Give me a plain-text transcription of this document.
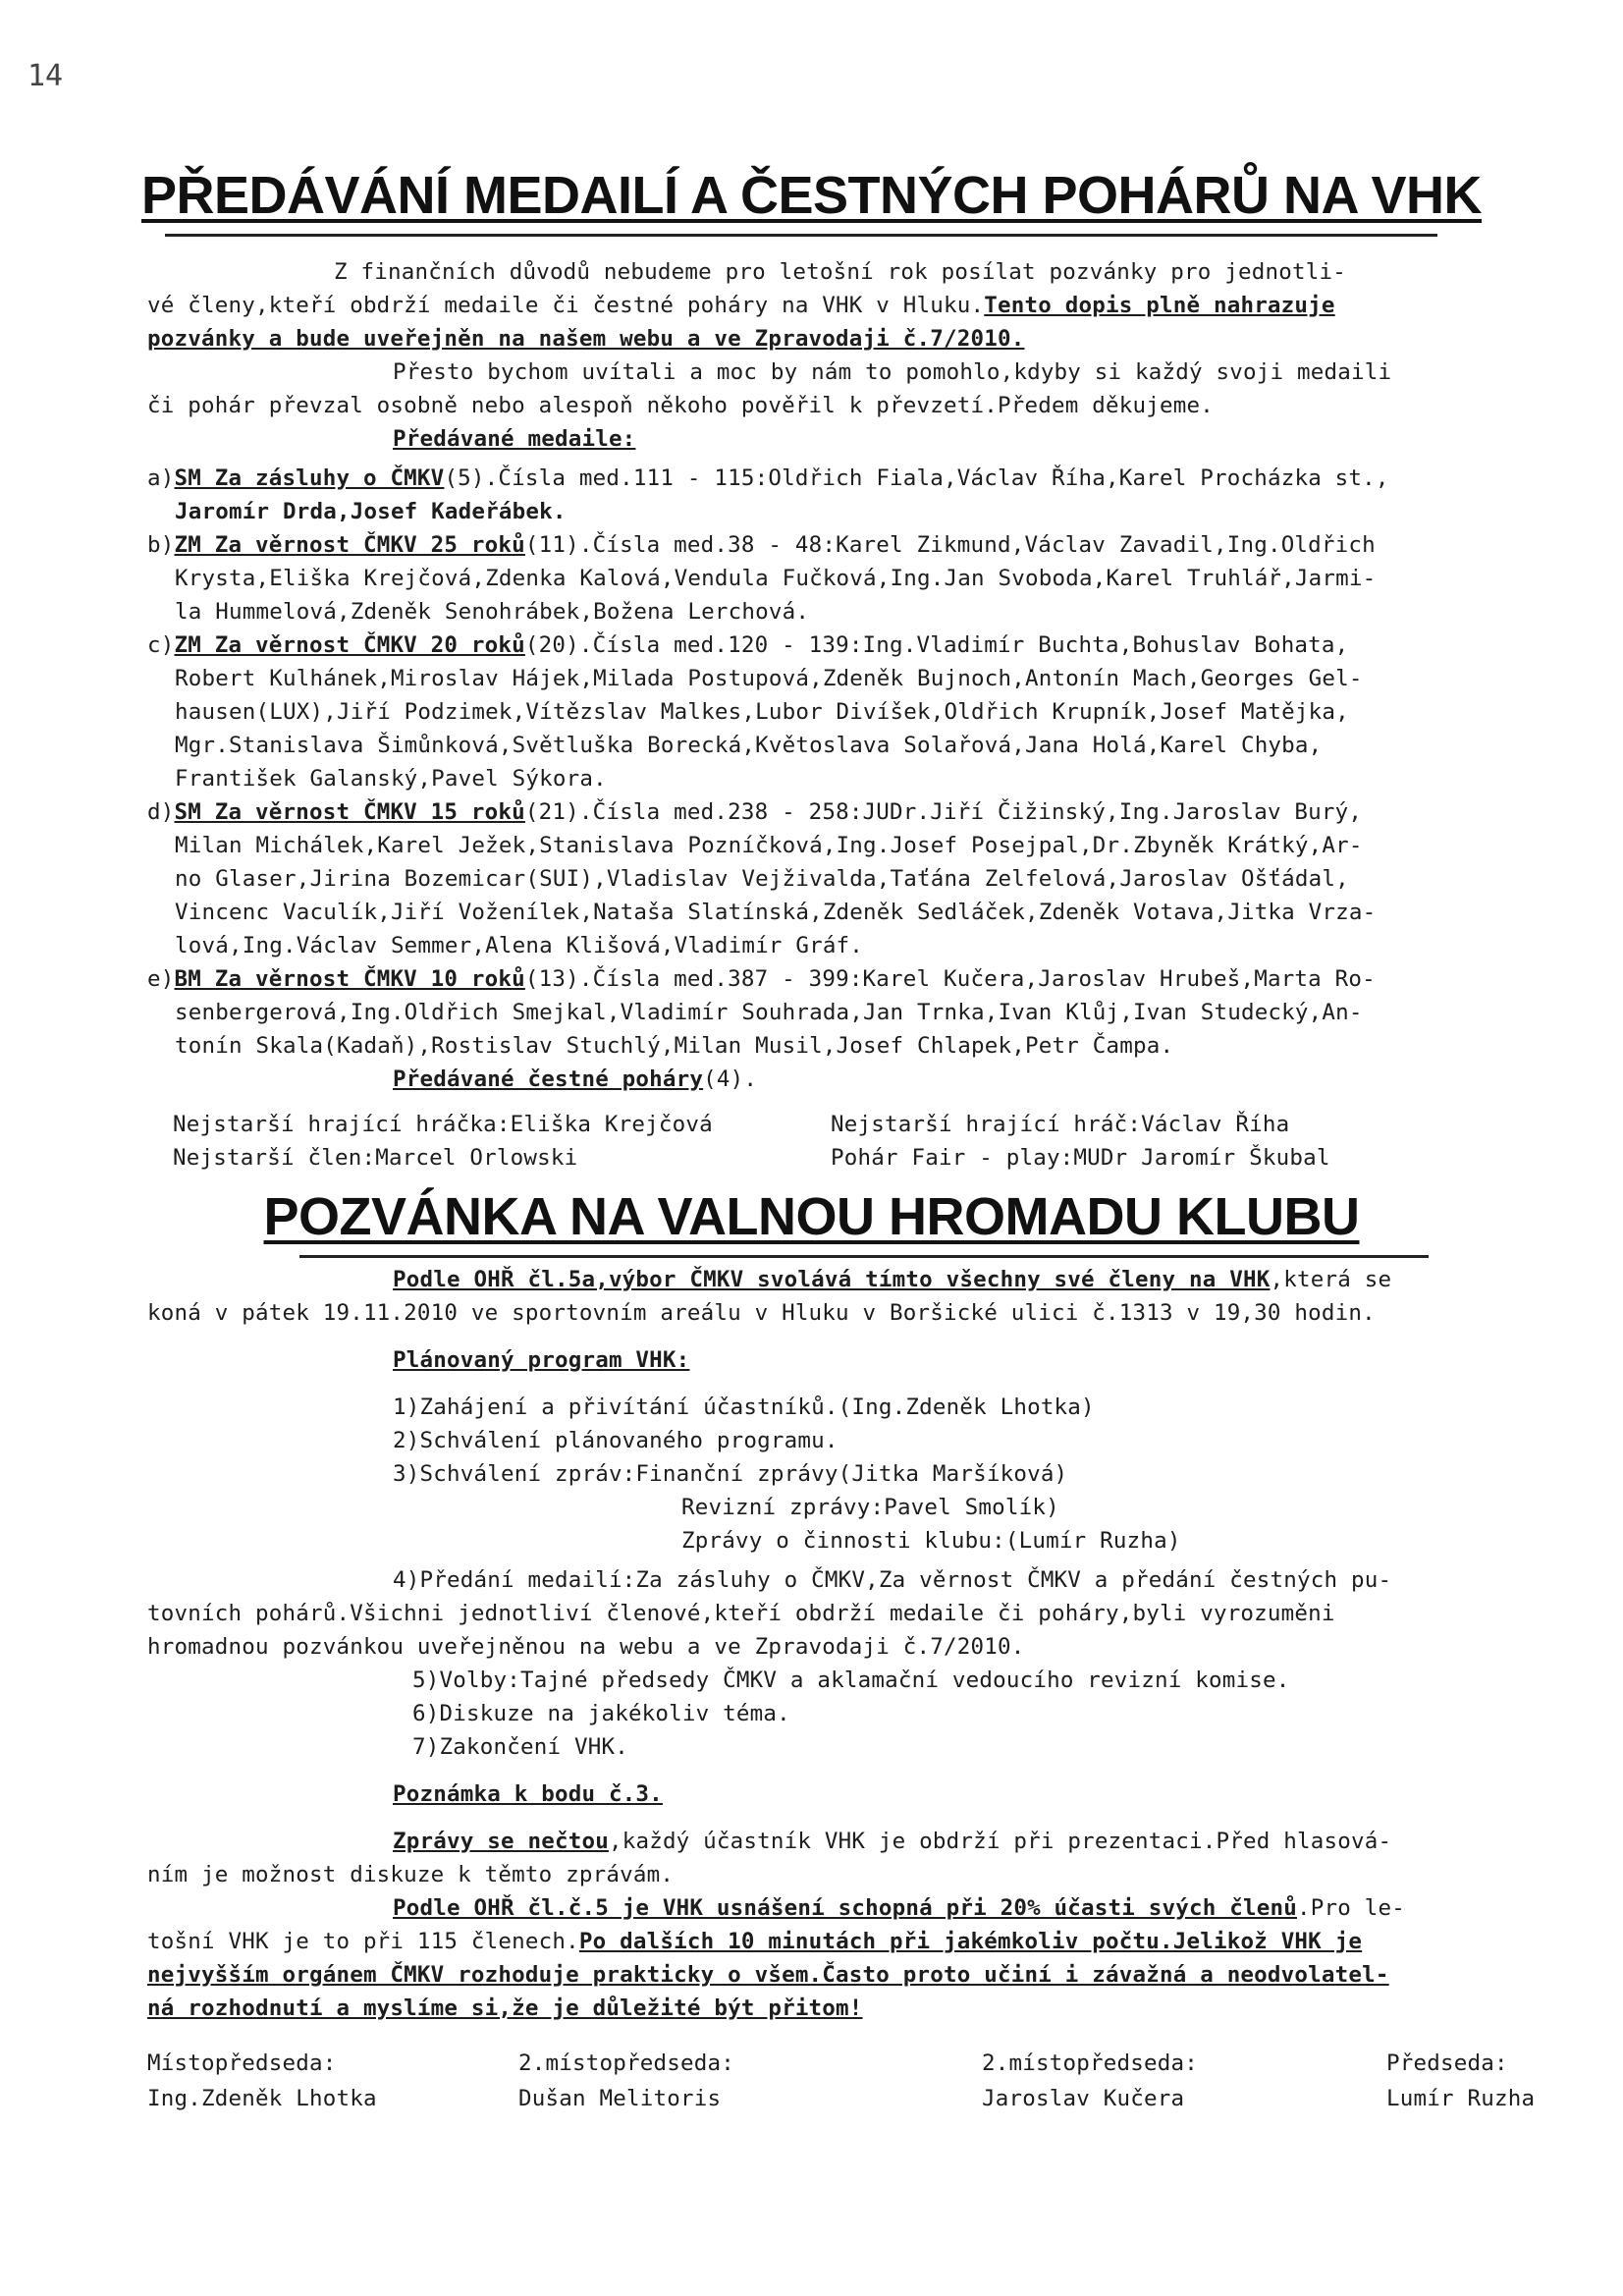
14
PŘEDÁVÁNÍ MEDAILÍ A ČESTNÝCH POHÁRŮ NA VHK
Z finančních důvodů nebudeme pro letošní rok posílat pozvánky pro jednotli-
vé členy,kteří obdrží medaile či čestné poháry na VHK v Hluku.Tento dopis plně nahrazuje
pozvánky a bude uveřejněn na našem webu a ve Zpravodaji č.7/2010.
Přesto bychom uvítali a moc by nám to pomohlo,kdyby si každý svoji medaili
či pohár převzal osobně nebo alespoň někoho pověřil k převzetí.Předem děkujeme.
Předávané medaile:
a)SM Za zásluhy o ČMKV(5).Čísla med.111 - 115:Oldřich Fiala,Václav Říha,Karel Procházka st.,
Jaromír Drda,Josef Kadeřábek.
b)ZM Za věrnost ČMKV 25 roků(11).Čísla med.38 - 48:Karel Zikmund,Václav Zavadil,Ing.Oldřich
Krysta,Eliška Krejčová,Zdenka Kalová,Vendula Fučková,Ing.Jan Svoboda,Karel Truhlář,Jarmi-
la Hummelová,Zdeněk Senohrábek,Božena Lerchová.
c)ZM Za věrnost ČMKV 20 roků(20).Čísla med.120 - 139:Ing.Vladimír Buchta,Bohuslav Bohata,
Robert Kulhánek,Miroslav Hájek,Milada Postupová,Zdeněk Bujnoch,Antonín Mach,Georges Gel-
hausen(LUX),Jiří Podzimek,Vítězslav Malkes,Lubor Divíšek,Oldřich Krupník,Josef Matějka,
Mgr.Stanislava Šimůnková,Světluška Borecká,Květoslava Solařová,Jana Holá,Karel Chyba,
František Galanský,Pavel Sýkora.
d)SM Za věrnost ČMKV 15 roků(21).Čísla med.238 - 258:JUDr.Jiří Čižinský,Ing.Jaroslav Burý,
Milan Michálek,Karel Ježek,Stanislava Pozníčková,Ing.Josef Posejpal,Dr.Zbyněk Krátký,Ar-
no Glaser,Jirina Bozemicar(SUI),Vladislav Vejživalda,Taťána Zelfelová,Jaroslav Ošťádal,
Vincenc Vaculík,Jiří Voženílek,Nataša Slatínská,Zdeněk Sedláček,Zdeněk Votava,Jitka Vrza-
lová,Ing.Václav Semmer,Alena Klišová,Vladimír Gráf.
e)BM Za věrnost ČMKV 10 roků(13).Čísla med.387 - 399:Karel Kučera,Jaroslav Hrubeš,Marta Ro-
senbergerová,Ing.Oldřich Smejkal,Vladimír Souhrada,Jan Trnka,Ivan Klůj,Ivan Studecký,An-
tonín Skala(Kadaň),Rostislav Stuchlý,Milan Musil,Josef Chlapek,Petr Čampa.
Předávané čestné poháry(4).
Nejstarší hrající hráčka:Eliška Krejčová	Nejstarší hrající hráč:Václav Říha
Nejstarší člen:Marcel Orlowski	Pohár Fair - play:MUDr Jaromír Škubal
POZVÁNKA NA VALNOU HROMADU KLUBU
Podle OHŘ čl.5a,výbor ČMKV svolává tímto všechny své členy na VHK,která se
koná v pátek 19.11.2010 ve sportovním areálu v Hluku v Boršické ulici č.1313 v 19,30 hodin.
Plánovaný program VHK:
1)Zahájení a přivítání účastníků.(Ing.Zdeněk Lhotka)
2)Schválení plánovaného programu.
3)Schválení zpráv:Finanční zprávy(Jitka Maršíková)
Revizní zprávy:Pavel Smolík)
Zprávy o činnosti klubu:(Lumír Ruzha)
4)Předání medailí:Za zásluhy o ČMKV,Za věrnost ČMKV a předání čestných pu-
tovních pohárů.Všichni jednotliví členové,kteří obdrží medaile či poháry,byli vyrozuměni
hromadnou pozvánkou uveřejněnou na webu a ve Zpravodaji č.7/2010.
5)Volby:Tajné předsedy ČMKV a aklamační vedoucího revizní komise.
6)Diskuze na jakékoliv téma.
7)Zakončení VHK.
Poznámka k bodu č.3.
Zprávy se nečtou,každý účastník VHK je obdrží při prezentaci.Před hlasová-
ním je možnost diskuze k těmto zprávám.
Podle OHŘ čl.č.5 je VHK usnášení schopná při 20% účasti svých členů.Pro le-
tošní VHK je to při 115 členech.Po dalších 10 minutách při jakémkoliv počtu.Jelikož VHK je
nejvyšším orgánem ČMKV rozhoduje prakticky o všem.Často proto učiní i závažná a neodvolatel-
ná rozhodnutí a myslíme si,že je důležité být přitom!
Místopředseda:
Ing.Zdeněk Lhotka
2.místopředseda:
Dušan Melitoris
2.místopředseda:
Jaroslav Kučera
Předseda:
Lumír Ruzha
